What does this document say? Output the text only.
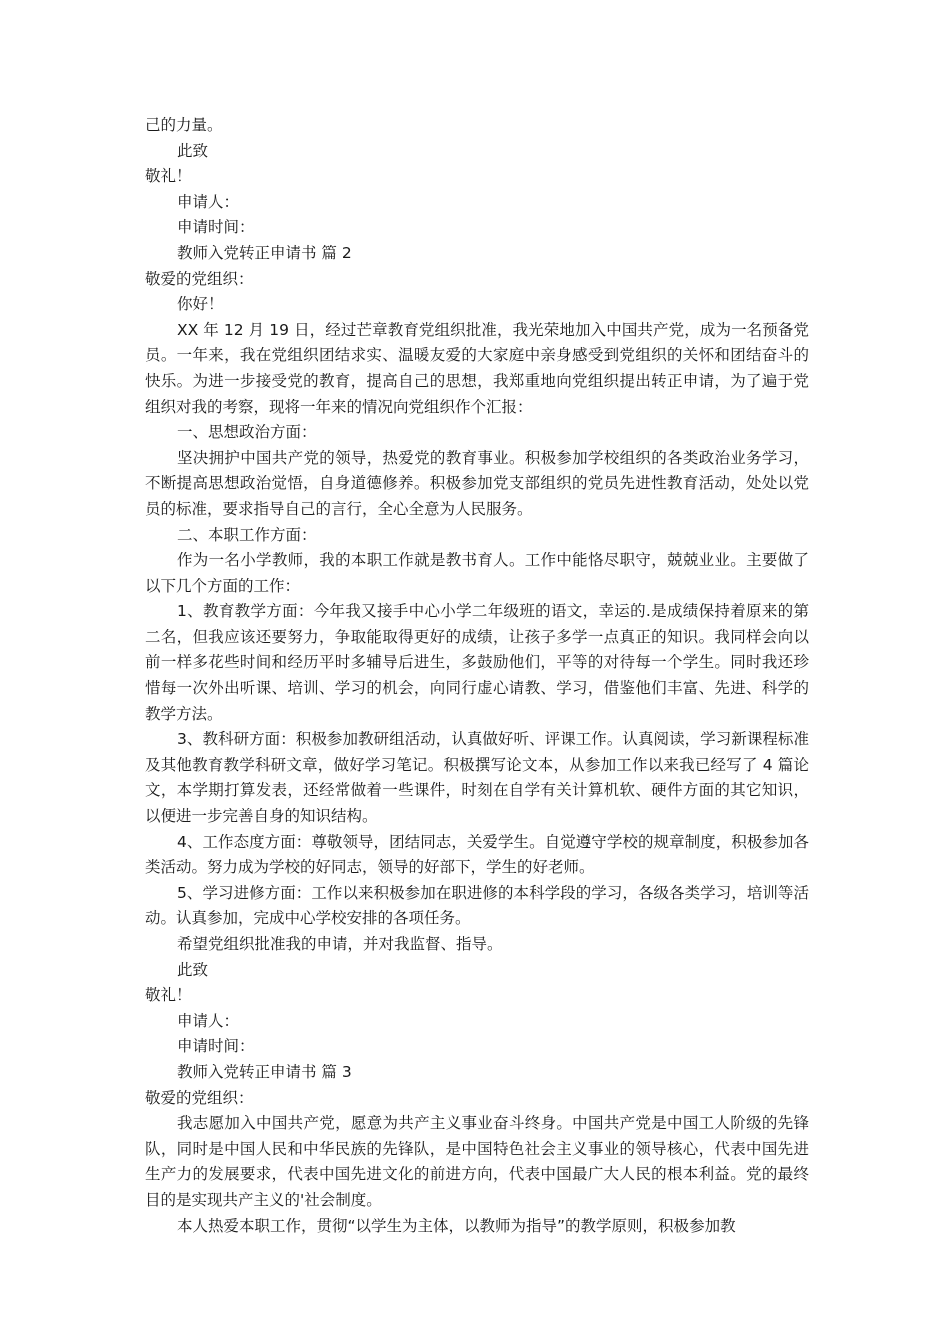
己的力量。

此致

敬礼！

申请人：

申请时间：

教师入党转正申请书 篇 2

敬爱的党组织：

你好！

XX 年 12 月 19 日，经过芒章教育党组织批准，我光荣地加入中国共产党，成为一名预备党员。一年来，我在党组织团结求实、温暖友爱的大家庭中亲身感受到党组织的关怀和团结奋斗的快乐。为进一步接受党的教育，提高自己的思想，我郑重地向党组织提出转正申请，为了遍于党组织对我的考察，现将一年来的情况向党组织作个汇报：

一、思想政治方面：

坚决拥护中国共产党的领导，热爱党的教育事业。积极参加学校组织的各类政治业务学习，不断提高思想政治觉悟，自身道德修养。积极参加党支部组织的党员先进性教育活动，处处以党员的标准，要求指导自己的言行，全心全意为人民服务。

二、本职工作方面：

作为一名小学教师，我的本职工作就是教书育人。工作中能恪尽职守，兢兢业业。主要做了以下几个方面的工作：

1、教育教学方面：今年我又接手中心小学二年级班的语文，幸运的.是成绩保持着原来的第二名，但我应该还要努力，争取能取得更好的成绩，让孩子多学一点真正的知识。我同样会向以前一样多花些时间和经历平时多辅导后进生，多鼓励他们，平等的对待每一个学生。同时我还珍惜每一次外出听课、培训、学习的机会，向同行虚心请教、学习，借鉴他们丰富、先进、科学的教学方法。

3、教科研方面：积极参加教研组活动，认真做好听、评课工作。认真阅读，学习新课程标准及其他教育教学科研文章，做好学习笔记。积极撰写论文本，从参加工作以来我已经写了 4 篇论文，本学期打算发表，还经常做着一些课件，时刻在自学有关计算机软、硬件方面的其它知识，以便进一步完善自身的知识结构。

4、工作态度方面：尊敬领导，团结同志，关爱学生。自觉遵守学校的规章制度，积极参加各类活动。努力成为学校的好同志，领导的好部下，学生的好老师。

5、学习进修方面：工作以来积极参加在职进修的本科学段的学习，各级各类学习，培训等活动。认真参加，完成中心学校安排的各项任务。

希望党组织批准我的申请，并对我监督、指导。

此致

敬礼！

申请人：

申请时间：

教师入党转正申请书 篇 3

敬爱的党组织：

我志愿加入中国共产党，愿意为共产主义事业奋斗终身。中国共产党是中国工人阶级的先锋队，同时是中国人民和中华民族的先锋队，是中国特色社会主义事业的领导核心，代表中国先进生产力的发展要求，代表中国先进文化的前进方向，代表中国最广大人民的根本利益。党的最终目的是实现共产主义的'社会制度。

本人热爱本职工作，贯彻“以学生为主体，以教师为指导”的教学原则，积极参加教
